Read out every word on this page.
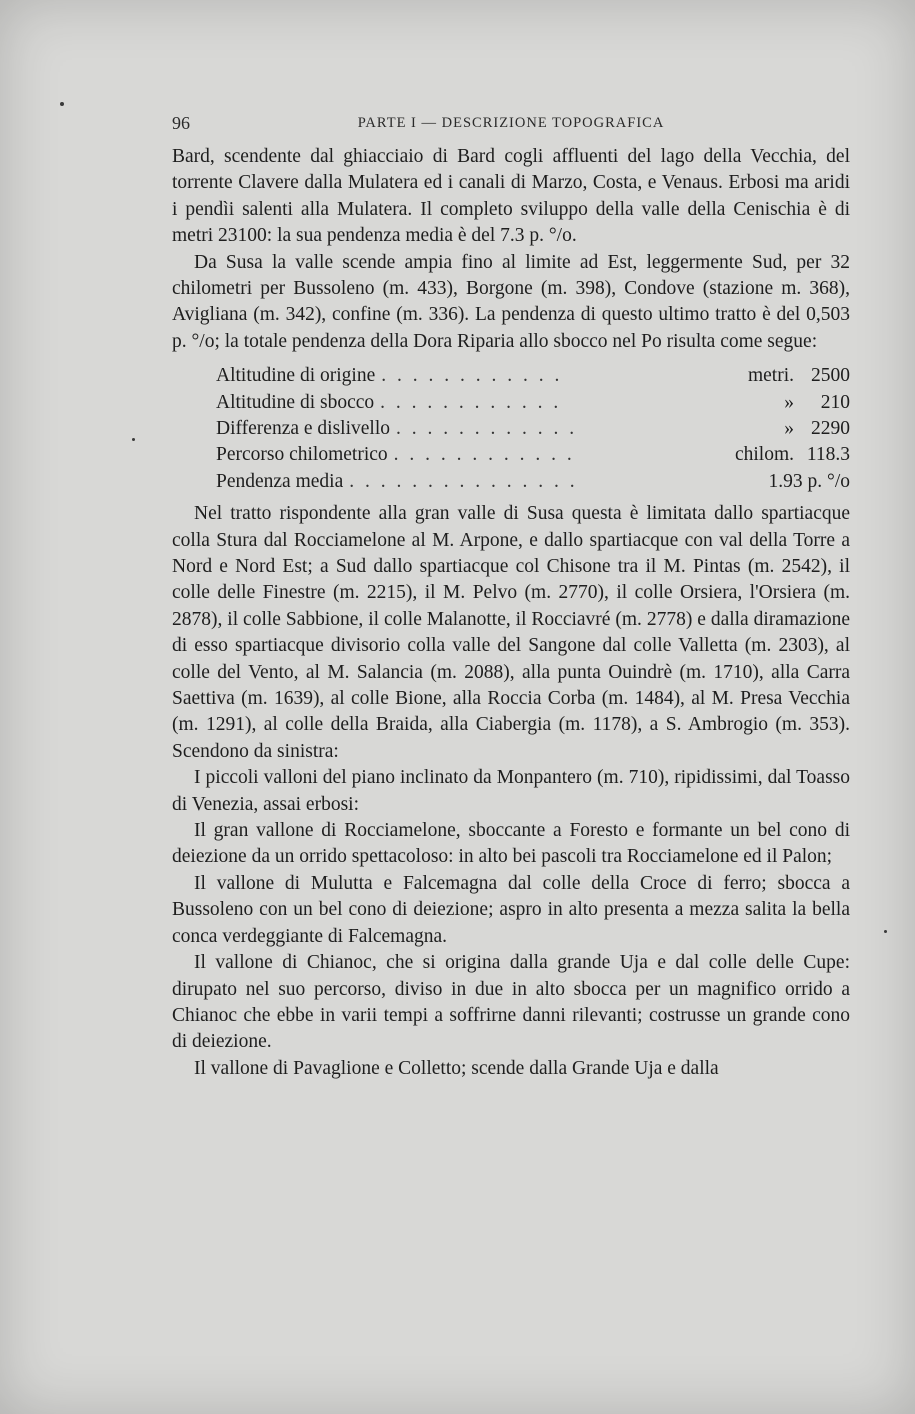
96	PARTE I — DESCRIZIONE TOPOGRAFICA

Bard, scendente dal ghiacciaio di Bard cogli affluenti del lago della Vecchia, del torrente Clavere dalla Mulatera ed i canali di Marzo, Costa, e Venaus. Erbosi ma aridi i pendìi salenti alla Mulatera. Il completo sviluppo della valle della Cenischia è di metri 23100: la sua pendenza media è del 7.3 p. °/o.

Da Susa la valle scende ampia fino al limite ad Est, leggermente Sud, per 32 chilometri per Bussoleno (m. 433), Borgone (m. 398), Condove (stazione m. 368), Avigliana (m. 342), confine (m. 336). La pendenza di questo ultimo tratto è del 0,503 p. °/o; la totale pendenza della Dora Riparia allo sbocco nel Po risulta come segue:

Altitudine di origine . . . . . . . . . . . .	metri. 2500
Altitudine di sbocco . . . . . . . . . . . .	»	210
Differenza e dislivello . . . . . . . . . . . .	» 2290
Percorso chilometrico . . . . . . . . . . . .	chilom. 118.3
Pendenza media . . . . . . . . . . . . . . .	1.93 p. °/o

Nel tratto rispondente alla gran valle di Susa questa è limitata dallo spartiacque colla Stura dal Rocciamelone al M. Arpone, e dallo spartiacque con val della Torre a Nord e Nord Est; a Sud dallo spartiacque col Chisone tra il M. Pintas (m. 2542), il colle delle Finestre (m. 2215), il M. Pelvo (m. 2770), il colle Orsiera, l'Orsiera (m. 2878), il colle Sabbione, il colle Malanotte, il Rocciavré (m. 2778) e dalla diramazione di esso spartiacque divisorio colla valle del Sangone dal colle Valletta (m. 2303), al colle del Vento, al M. Salancia (m. 2088), alla punta Ouindrè (m. 1710), alla Carra Saettiva (m. 1639), al colle Bione, alla Roccia Corba (m. 1484), al M. Presa Vecchia (m. 1291), al colle della Braida, alla Ciabergia (m. 1178), a S. Ambrogio (m. 353). Scendono da sinistra:

I piccoli valloni del piano inclinato da Monpantero (m. 710), ripidissimi, dal Toasso di Venezia, assai erbosi:

Il gran vallone di Rocciamelone, sboccante a Foresto e formante un bel cono di deiezione da un orrido spettacoloso: in alto bei pascoli tra Rocciamelone ed il Palon;

Il vallone di Mulutta e Falcemagna dal colle della Croce di ferro; sbocca a Bussoleno con un bel cono di deiezione; aspro in alto presenta a mezza salita la bella conca verdeggiante di Falcemagna.

Il vallone di Chianoc, che si origina dalla grande Uja e dal colle delle Cupe: dirupato nel suo percorso, diviso in due in alto sbocca per un magnifico orrido a Chianoc che ebbe in varii tempi a soffrirne danni rilevanti; costrusse un grande cono di deiezione.

Il vallone di Pavaglione e Colletto; scende dalla Grande Uja e dalla
